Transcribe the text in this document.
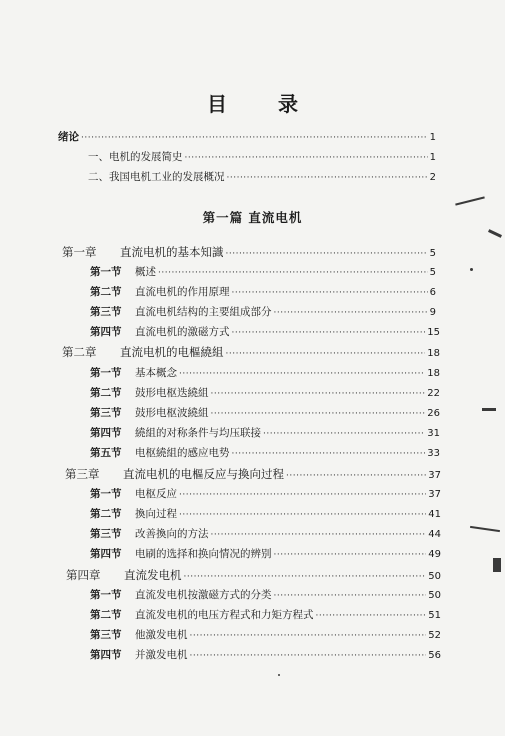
目 录
绪论 ·····	1
一、电机的发展简史 ·····	1
二、我国电机工业的发展概况 ·····	2
第一篇 直流电机
第一章 直流电机的基本知識 ·····	5
第一节 概述 ·····	5
第二节 直流电机的作用原理 ·····	6
第三节 直流电机结构的主要組成部分 ·····	9
第四节 直流电机的激磁方式 ·····	15
第二章 直流电机的电樞繞組 ·····	18
第一节 基本概念 ·····	18
第二节 鼓形电枢迭繞組 ·····	22
第三节 鼓形电枢波繞組 ·····	26
第四节 繞組的对称条件与均压联接 ·····	31
第五节 电枢繞組的感应电势 ·····	33
第三章 直流电机的电樞反应与換向过程 ·····	37
第一节 电枢反应 ·····	37
第二节 換向过程 ·····	41
第三节 改善換向的方法 ·····	44
第四节 电刷的选择和换向情况的辨别 ·····	49
第四章 直流发电机 ·····	50
第一节 直流发电机按激磁方式的分类 ·····	50
第二节 直流发电机的电压方程式和力矩方程式 ·····	51
第三节 他激发电机 ·····	52
第四节 并激发电机 ·····	56
